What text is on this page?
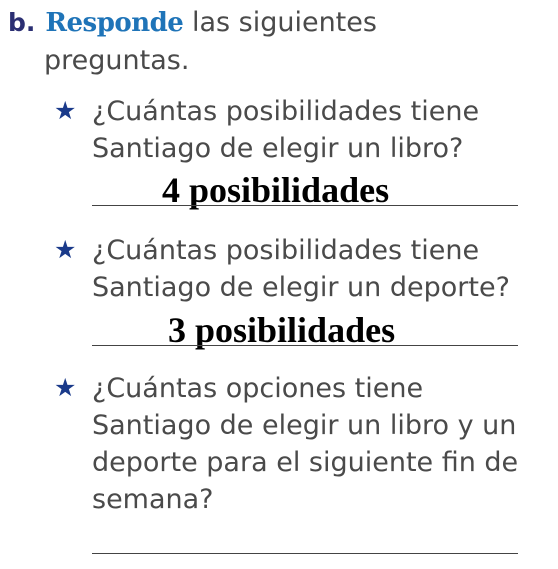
b. Responde las siguientes
preguntas.
★ ¿Cuántas posibilidades tiene Santiago de elegir un libro?
4 posibilidades
★ ¿Cuántas posibilidades tiene Santiago de elegir un deporte?
3 posibilidades
★ ¿Cuántas opciones tiene Santiago de elegir un libro y un deporte para el siguiente fin de semana?
